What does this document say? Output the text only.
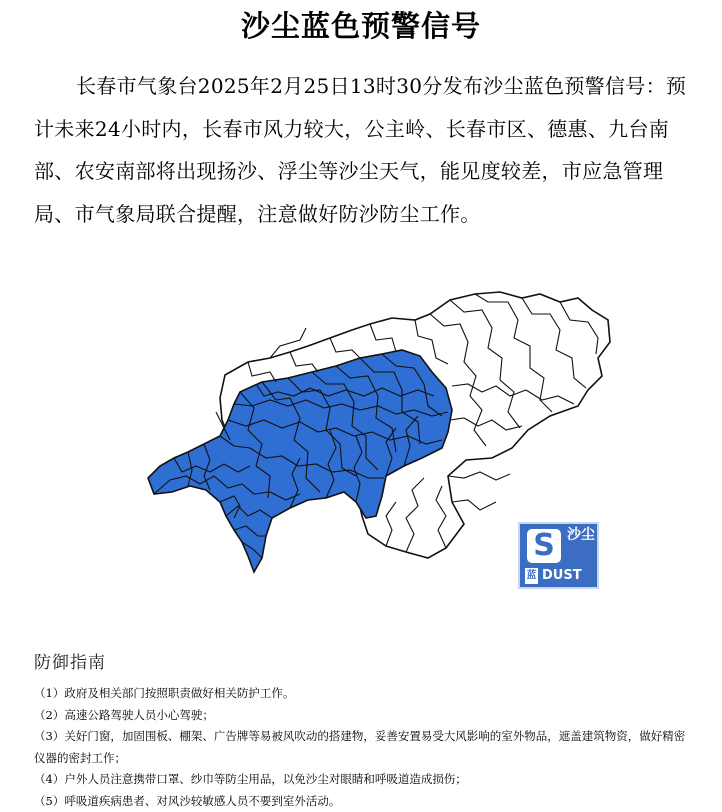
沙尘蓝色预警信号
长春市气象台2025年2月25日13时30分发布沙尘蓝色预警信号：预计未来24小时内，长春市风力较大，公主岭、长春市区、德惠、九台南部、农安南部将出现扬沙、浮尘等沙尘天气，能见度较差，市应急管理局、市气象局联合提醒，注意做好防沙防尘工作。
S 沙尘
蓝 DUST
防御指南
（1）政府及相关部门按照职责做好相关防护工作。
（2）高速公路驾驶人员小心驾驶；
（3）关好门窗，加固围板、棚架、广告牌等易被风吹动的搭建物，妥善安置易受大风影响的室外物品，遮盖建筑物资，做好精密仪器的密封工作；
（4）户外人员注意携带口罩、纱巾等防尘用品，以免沙尘对眼睛和呼吸道造成损伤；
（5）呼吸道疾病患者、对风沙较敏感人员不要到室外活动。
